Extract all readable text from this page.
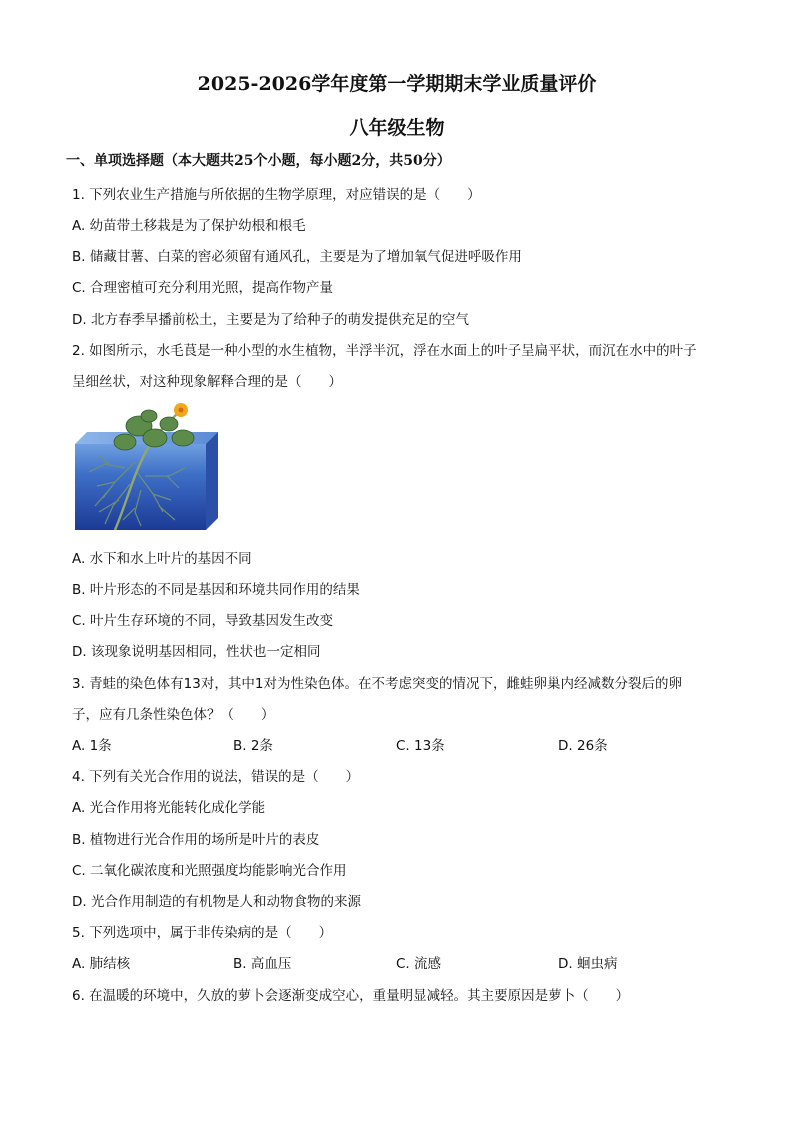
2025-2026学年度第一学期期末学业质量评价
八年级生物
一、单项选择题（本大题共25个小题，每小题2分，共50分）
1. 下列农业生产措施与所依据的生物学原理，对应错误的是（　　）
A. 幼苗带土移栽是为了保护幼根和根毛
B. 储藏甘薯、白菜的窖必须留有通风孔，主要是为了增加氧气促进呼吸作用
C. 合理密植可充分利用光照，提高作物产量
D. 北方春季早播前松土，主要是为了给种子的萌发提供充足的空气
2. 如图所示，水毛茛是一种小型的水生植物，半浮半沉，浮在水面上的叶子呈扁平状，而沉在水中的叶子
呈细丝状，对这种现象解释合理的是（　　）
A. 水下和水上叶片的基因不同
B. 叶片形态的不同是基因和环境共同作用的结果
C. 叶片生存环境的不同，导致基因发生改变
D. 该现象说明基因相同，性状也一定相同
3. 青蛙的染色体有13对，其中1对为性染色体。在不考虑突变的情况下，雌蛙卵巢内经减数分裂后的卵
子，应有几条性染色体？（　　）
A. 1条	B. 2条	C. 13条	D. 26条
4. 下列有关光合作用的说法，错误的是（　　）
A. 光合作用将光能转化成化学能
B. 植物进行光合作用的场所是叶片的表皮
C. 二氧化碳浓度和光照强度均能影响光合作用
D. 光合作用制造的有机物是人和动物食物的来源
5. 下列选项中，属于非传染病的是（　　）
A. 肺结核	B. 高血压	C. 流感	D. 蛔虫病
6. 在温暖的环境中，久放的萝卜会逐渐变成空心，重量明显减轻。其主要原因是萝卜（　　）
